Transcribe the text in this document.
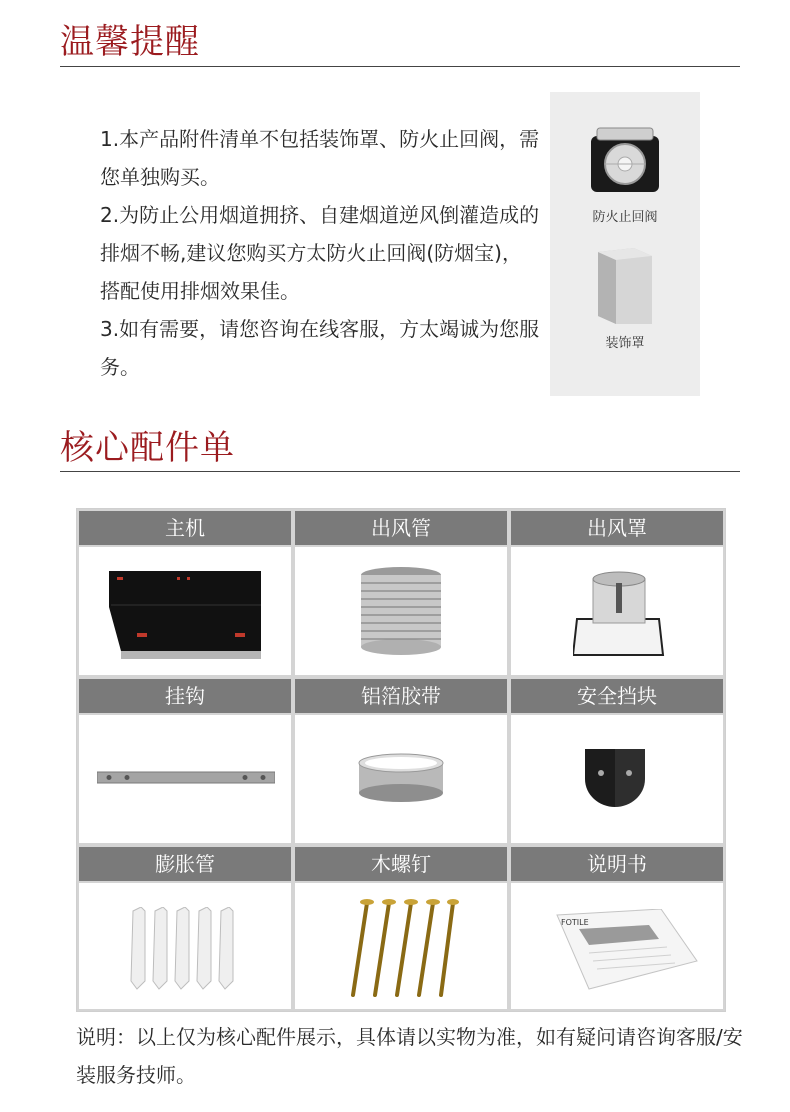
温馨提醒

1.本产品附件清单不包括装饰罩、防火止回阀，需您单独购买。

2.为防止公用烟道拥挤、自建烟道逆风倒灌造成的排烟不畅,建议您购买方太防火止回阀(防烟宝)，搭配使用排烟效果佳。

3.如有需要，请您咨询在线客服，方太竭诚为您服务。

防火止回阀
装饰罩
核心配件单
主机	出风管	出风罩
挂钩	铝箔胶带	安全挡块
膨胀管	木螺钉	说明书
FOTILE
说明：以上仅为核心配件展示，具体请以实物为准，如有疑问请咨询客服/安装服务技师。
